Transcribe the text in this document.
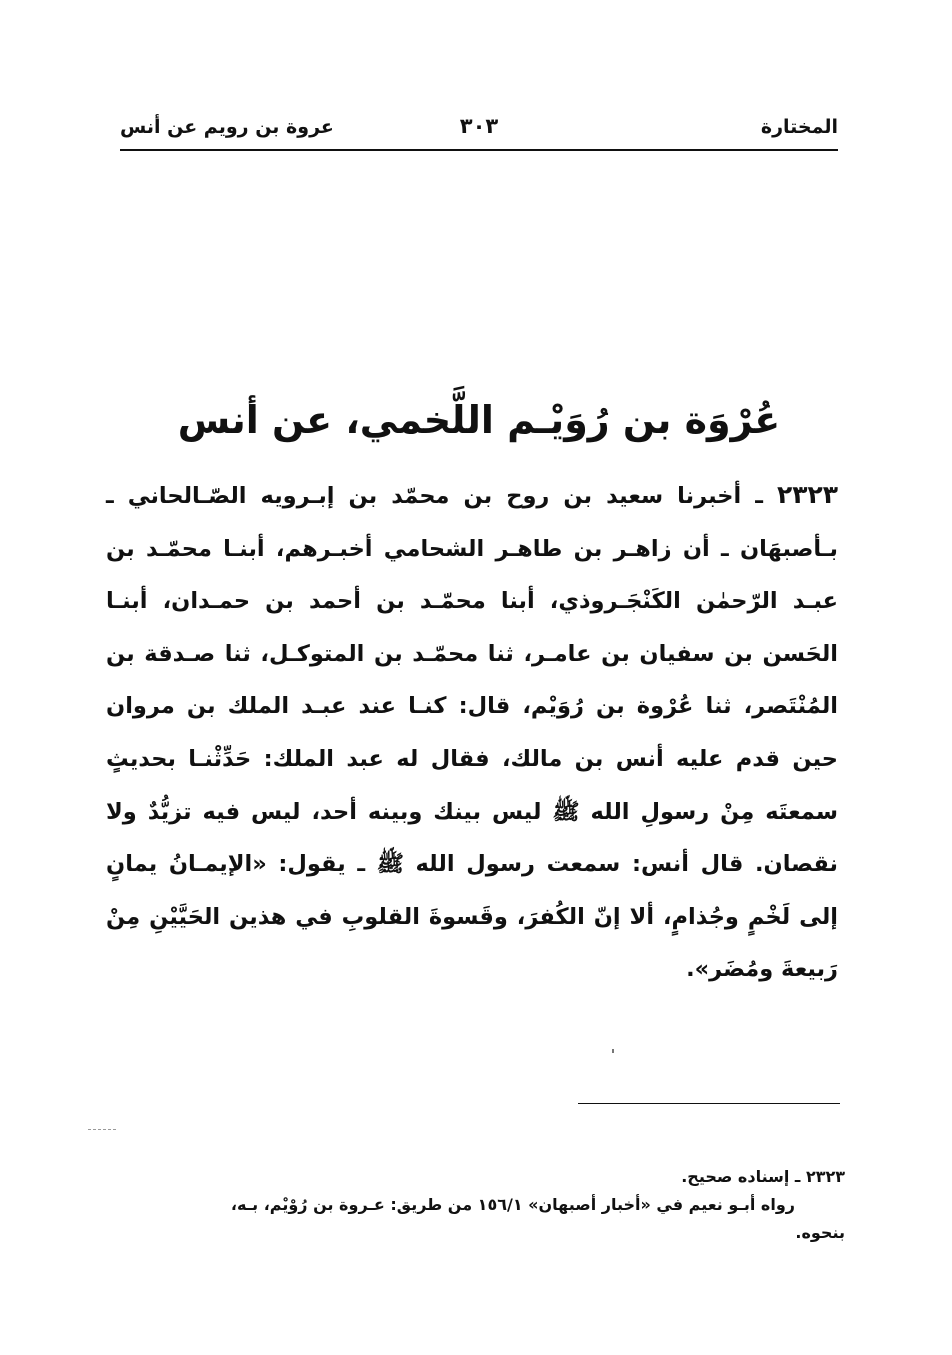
المختارة
٣٠٣
عروة بن رويم عن أنس
عُرْوَة بن رُوَيْـم اللَّخمي، عن أنس
٢٣٢٣ ـ أخبرنا سعيد بن روح بن محمّد بن إبـرويه الصّـالحاني ـ بـأصبهَان ـ أن زاهـر بن طاهـر الشحامي أخبـرهم، أبنـا محمّـد بن عبـد الرّحمٰن الكَنْجَـروذي، أبنا محمّـد بن أحمد بن حمـدان، أبنـا الحَسن بن سفيان بن عامـر، ثنا محمّـد بن المتوكـل، ثنا صـدقة بن المُنْتَصر، ثنا عُرْوة بن رُوَيْم، قال: كنـا عند عبـد الملك بن مروان حين قدم عليه أنس بن مالك، فقال له عبد الملك: حَدِّثْنـا بحديثٍ سمعتَه مِنْ رسولِ الله ﷺ ليس بينك وبينه أحد، ليس فيه تزيُّدٌ ولا نقصان. قال أنس: سمعت رسول الله ﷺ ـ يقول: «الإيمـانُ يمانٍ إلى لَخْمٍ وجُذامٍ، ألا إنّ الكُفرَ، وقَسوةَ القلوبِ في هذين الحَيَّيْنِ مِنْ رَبيعةَ ومُضَر».
٢٣٢٣ ـ إسناده صحيح.
رواه أبـو نعيم في «أخبار أصبهان» ١٥٦/١ من طريق: عـروة بن رُوْيْم، بـه،
بنحوه.
